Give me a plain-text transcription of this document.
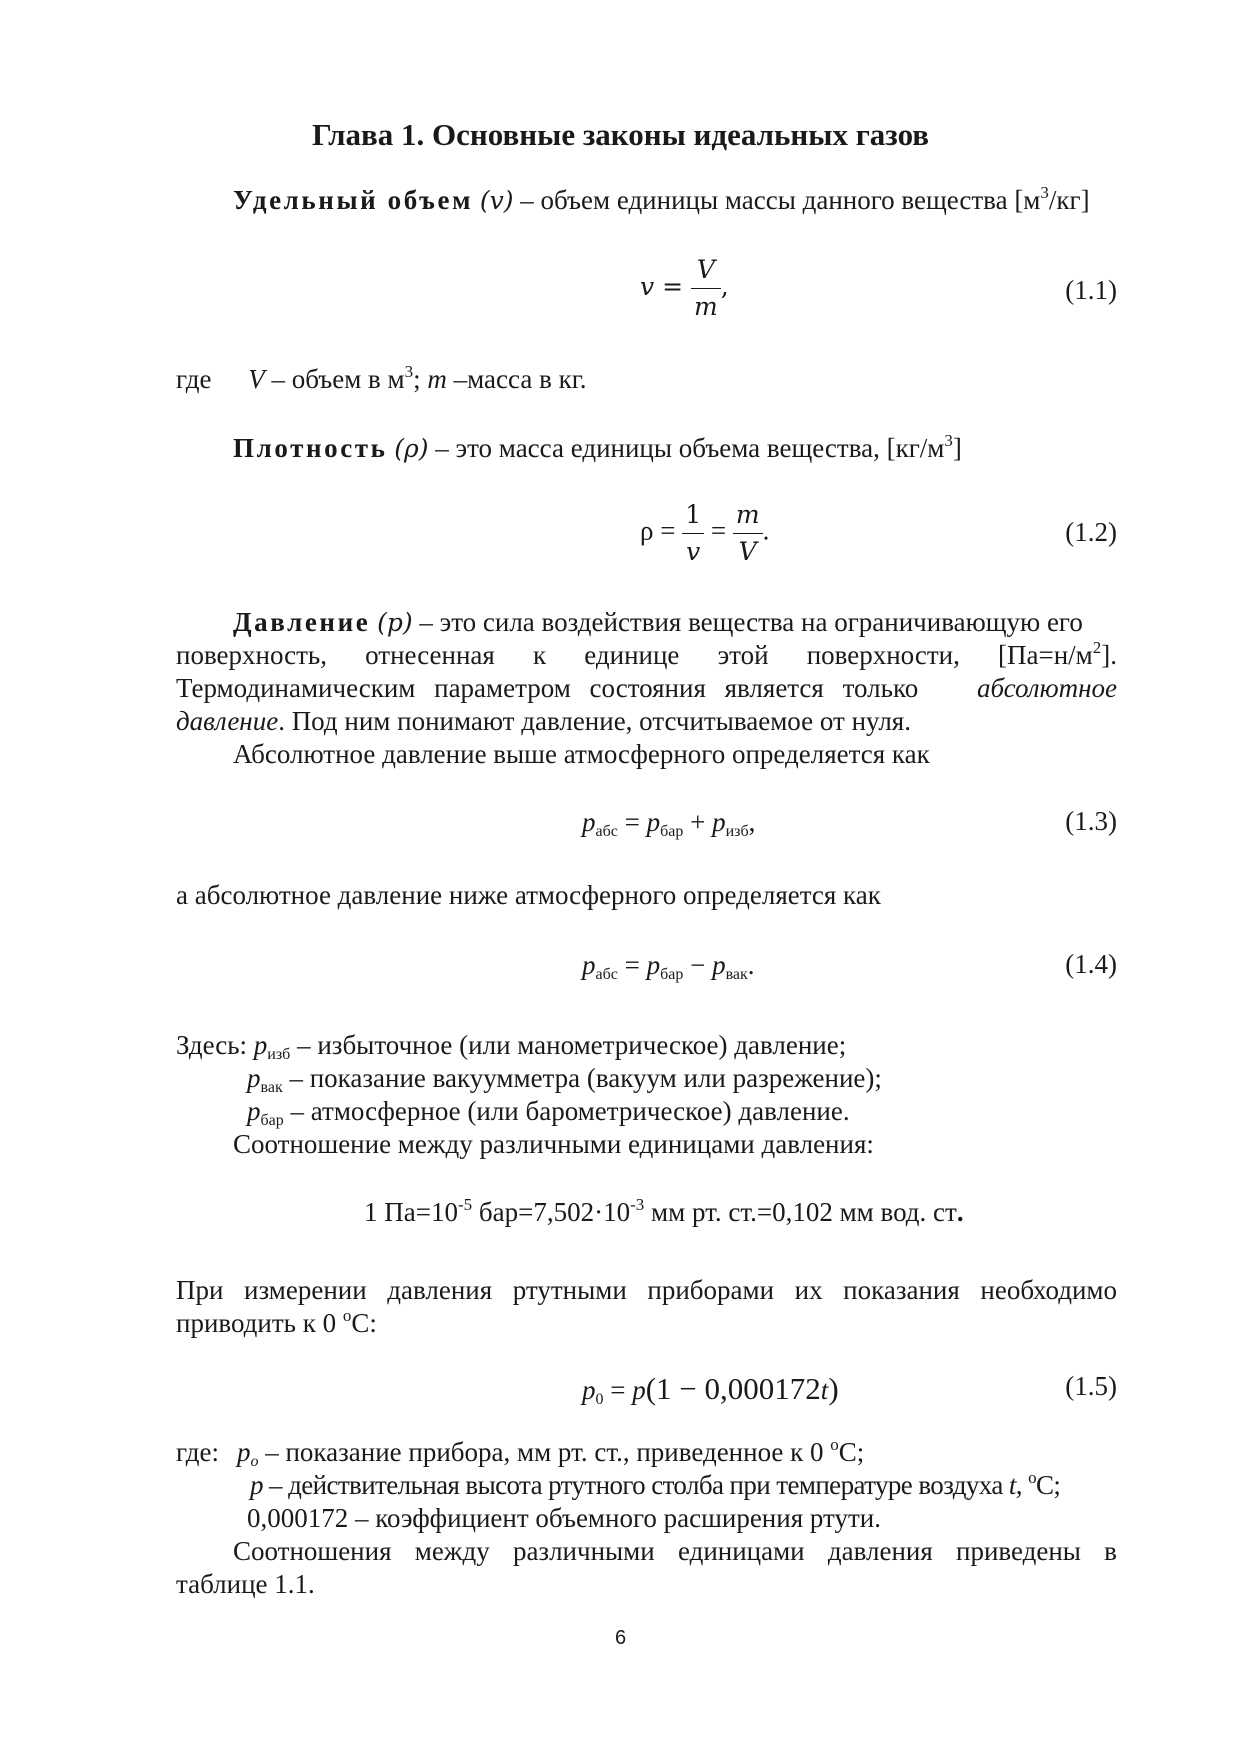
Глава 1. Основные законы идеальных газов
Удельный объем (v) – объем единицы массы данного вещества $[м^3/кг]$
$v = \frac{V}{m}$ ,	(1.1)
где V – объем в $м^3$; m –масса в кг.
Плотность (ρ) – это масса единицы объема вещества, $[кг/м^3]$
$\rho = \frac{1}{v} = \frac{m}{V}$ .	(1.2)
Давление (p) – это сила воздействия вещества на ограничивающую его
поверхность, отнесенная к единице этой поверхности, $[Па=н/м^2]$.
Термодинамическим параметром состояния является только абсолютное
давление. Под ним понимают давление, отсчитываемое от нуля.
Абсолютное давление выше атмосферного определяется как
$p_{абс} = p_{бар} + p_{изб}$,	(1.3)
а абсолютное давление ниже атмосферного определяется как
$p_{абс} = p_{бар} - p_{вак}$.	(1.4)
Здесь: $p_{изб}$ – избыточное (или манометрическое) давление;
$p_{вак}$ – показание вакуумметра (вакуум или разрежение);
$p_{бар}$ – атмосферное (или барометрическое) давление.
Соотношение между различными единицами давления:
1 $Па=10^{-5}$ $бар=7,502\cdot 10^{-3}$ мм рт. ст.=0,102 мм вод. ст.
При измерении давления ртутными приборами их показания необходимо
приводить к 0 $^o$С:
$p_0 = p(1 - 0,000172t)$	(1.5)
где: $p_o$ – показание прибора, мм рт. ст., приведенное к 0 $^o$С;
p – действительная высота ртутного столба при температуре воздуха t, $^o$С;
0,000172 – коэффициент объемного расширения ртути.
Соотношения между различными единицами давления приведены в
таблице 1.1.
6
